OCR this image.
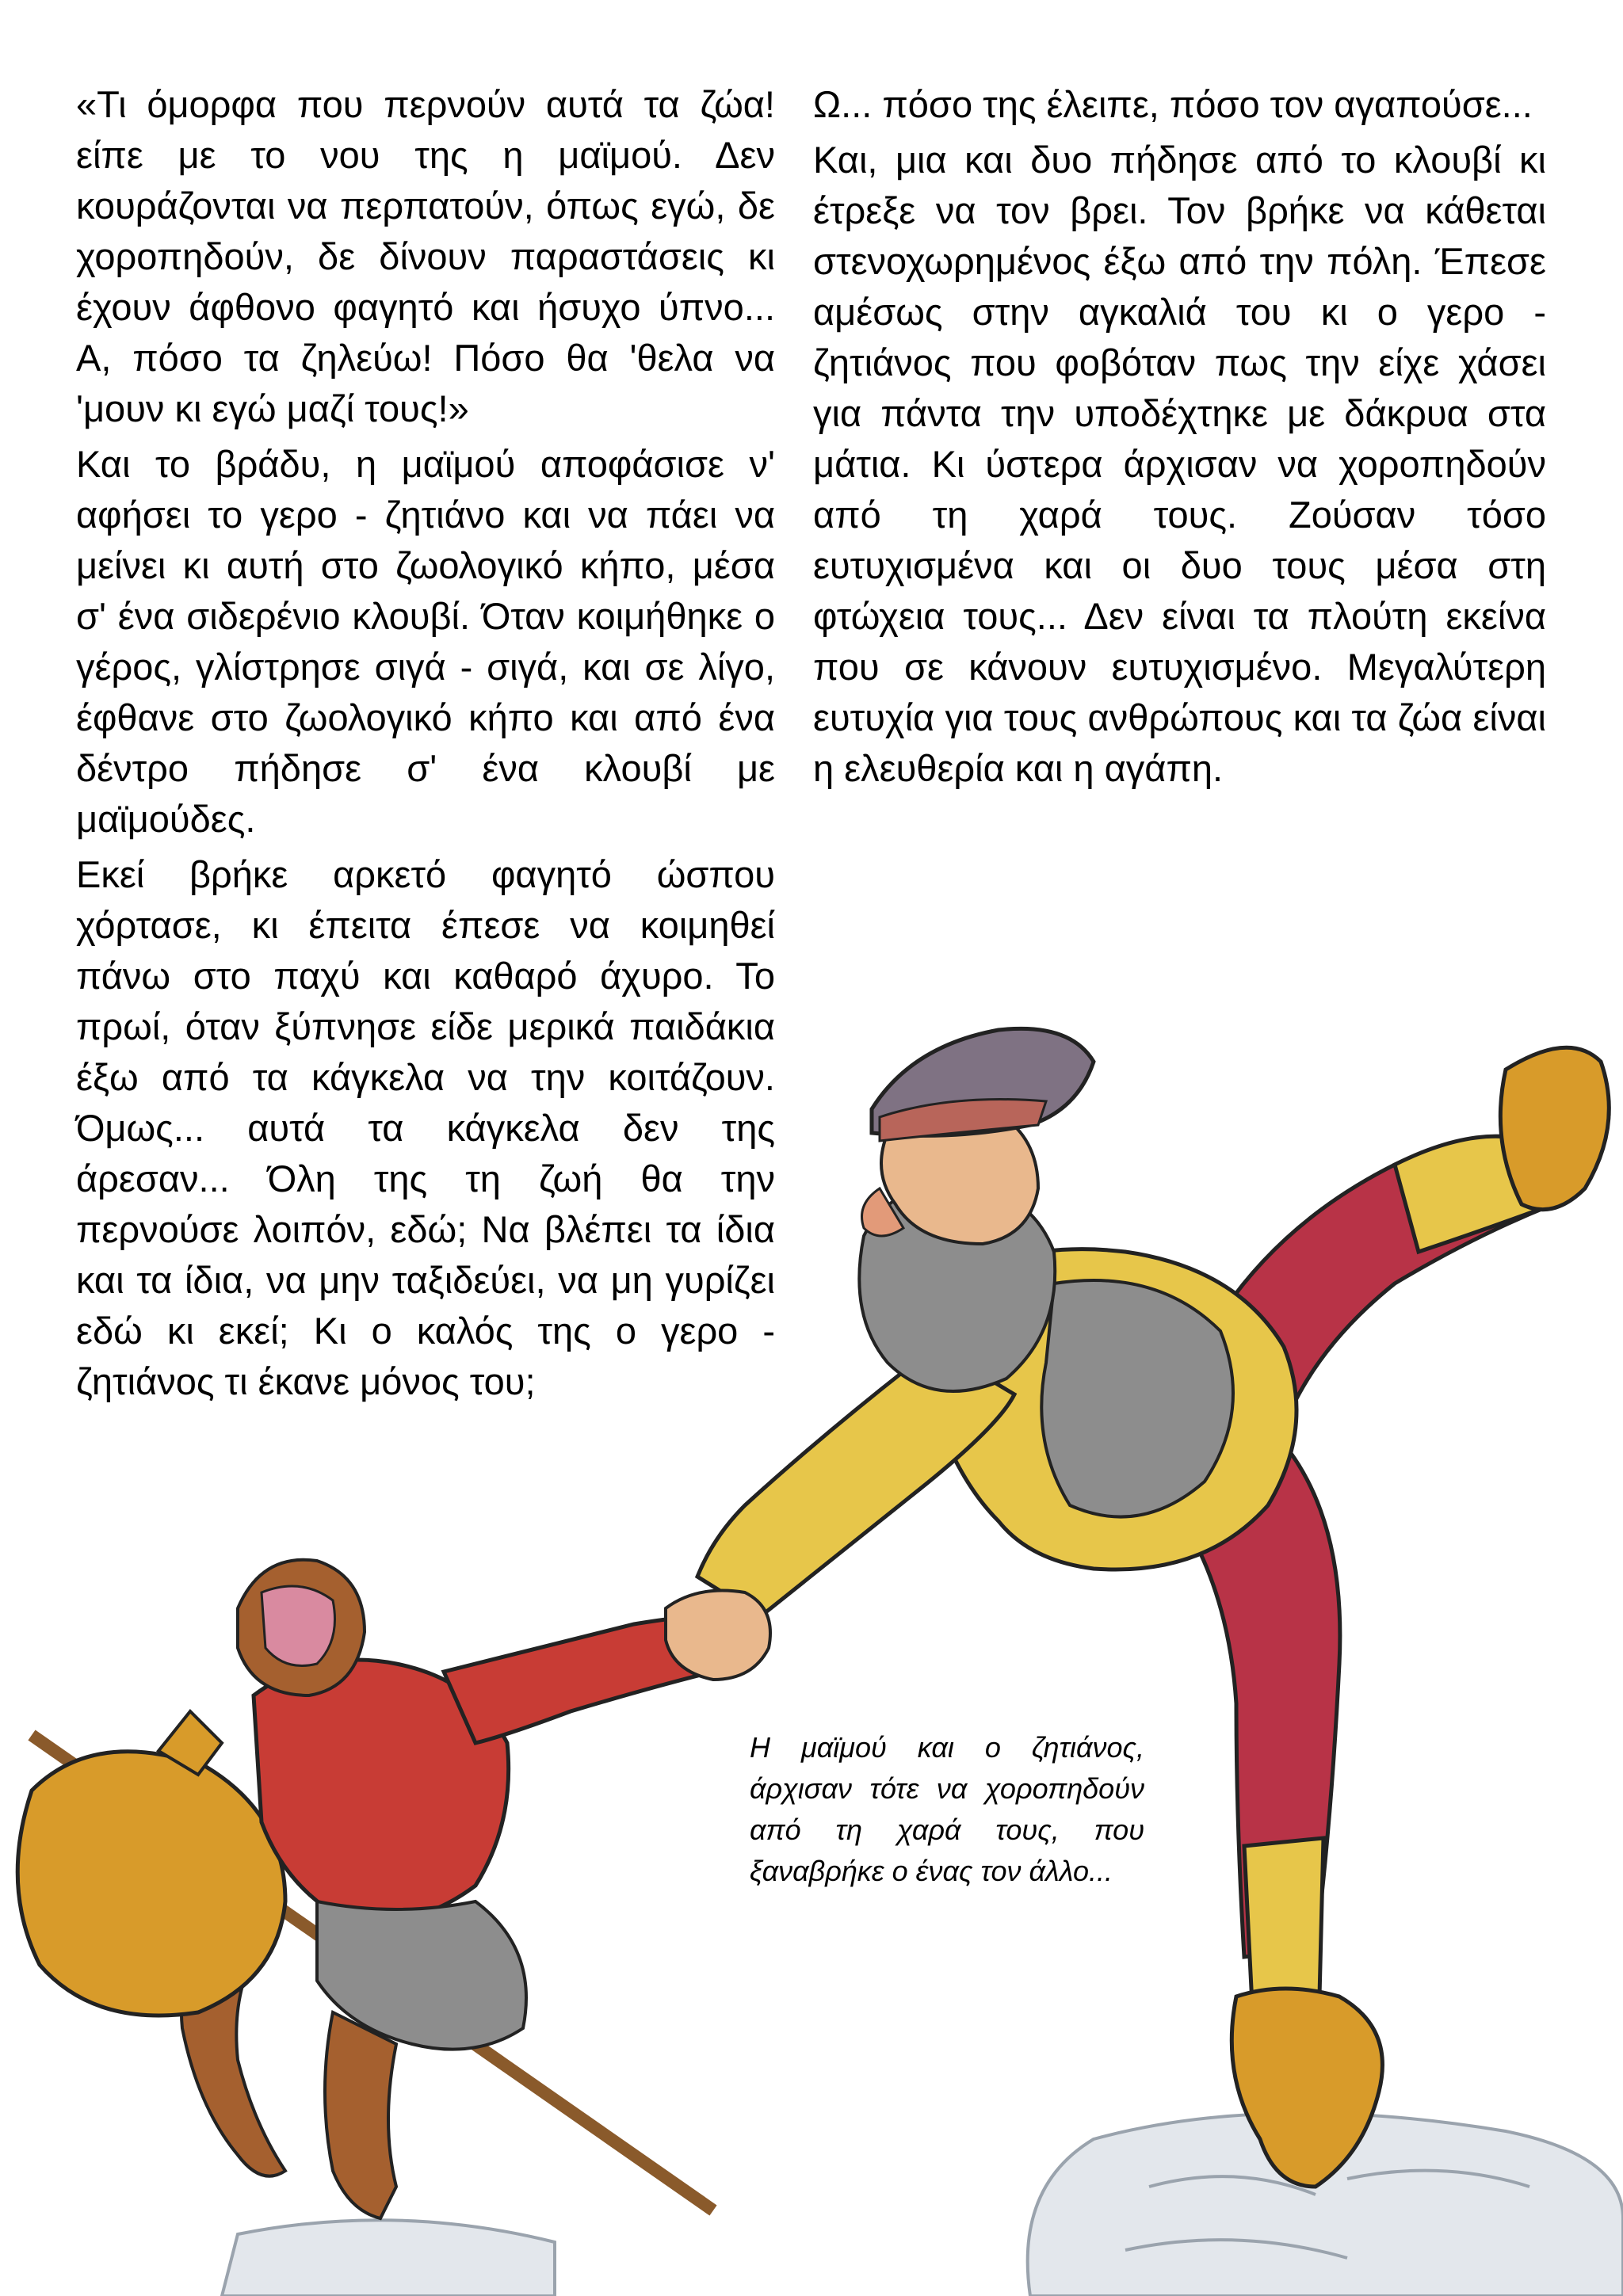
«Τι όμορφα που περνούν αυτά τα ζώα! είπε με το νου της η μαϊμού. Δεν κουράζονται να περπατούν, όπως εγώ, δε χοροπηδούν, δε δίνουν παραστάσεις κι έχουν άφθονο φαγητό και ήσυχο ύπνο... Α, πόσο τα ζηλεύω! Πόσο θα 'θελα να 'μουν κι εγώ μαζί τους!»

Και το βράδυ, η μαϊμού αποφάσισε ν' αφήσει το γερο - ζητιάνο και να πάει να μείνει κι αυτή στο ζωολογικό κήπο, μέσα σ' ένα σιδερένιο κλουβί. Όταν κοιμήθηκε ο γέρος, γλίστρησε σιγά - σιγά, και σε λίγο, έφθανε στο ζωολογικό κήπο και από ένα δέντρο πήδησε σ' ένα κλουβί με μαϊμούδες.

Εκεί βρήκε αρκετό φαγητό ώσπου χόρτασε, κι έπειτα έπεσε να κοιμηθεί πάνω στο παχύ και καθαρό άχυρο. Το πρωί, όταν ξύπνησε είδε μερικά παιδάκια έξω από τα κάγκελα να την κοιτάζουν. Όμως... αυτά τα κάγκελα δεν της άρεσαν... Όλη της τη ζωή θα την περνούσε λοιπόν, εδώ; Να βλέπει τα ίδια και τα ίδια, να μην ταξιδεύει, να μη γυρίζει εδώ κι εκεί; Κι ο καλός της ο γερο - ζητιάνος τι έκανε μόνος του;

Ω... πόσο της έλειπε, πόσο τον αγαπούσε...

Και, μια και δυο πήδησε από το κλουβί κι έτρεξε να τον βρει. Τον βρήκε να κάθεται στενοχωρημένος έξω από την πόλη. Έπεσε αμέσως στην αγκαλιά του κι ο γερο - ζητιάνος που φοβόταν πως την είχε χάσει για πάντα την υποδέχτηκε με δάκρυα στα μάτια. Κι ύστερα άρχισαν να χοροπηδούν από τη χαρά τους. Ζούσαν τόσο ευτυχισμένα και οι δυο τους μέσα στη φτώχεια τους... Δεν είναι τα πλούτη εκείνα που σε κάνουν ευτυχισμένο. Μεγαλύτερη ευτυχία για τους ανθρώπους και τα ζώα είναι η ελευθερία και η αγάπη.

Η μαϊμού και ο ζητιάνος, άρχισαν τότε να χοροπηδούν από τη χαρά τους, που ξαναβρήκε ο ένας τον άλλο...
